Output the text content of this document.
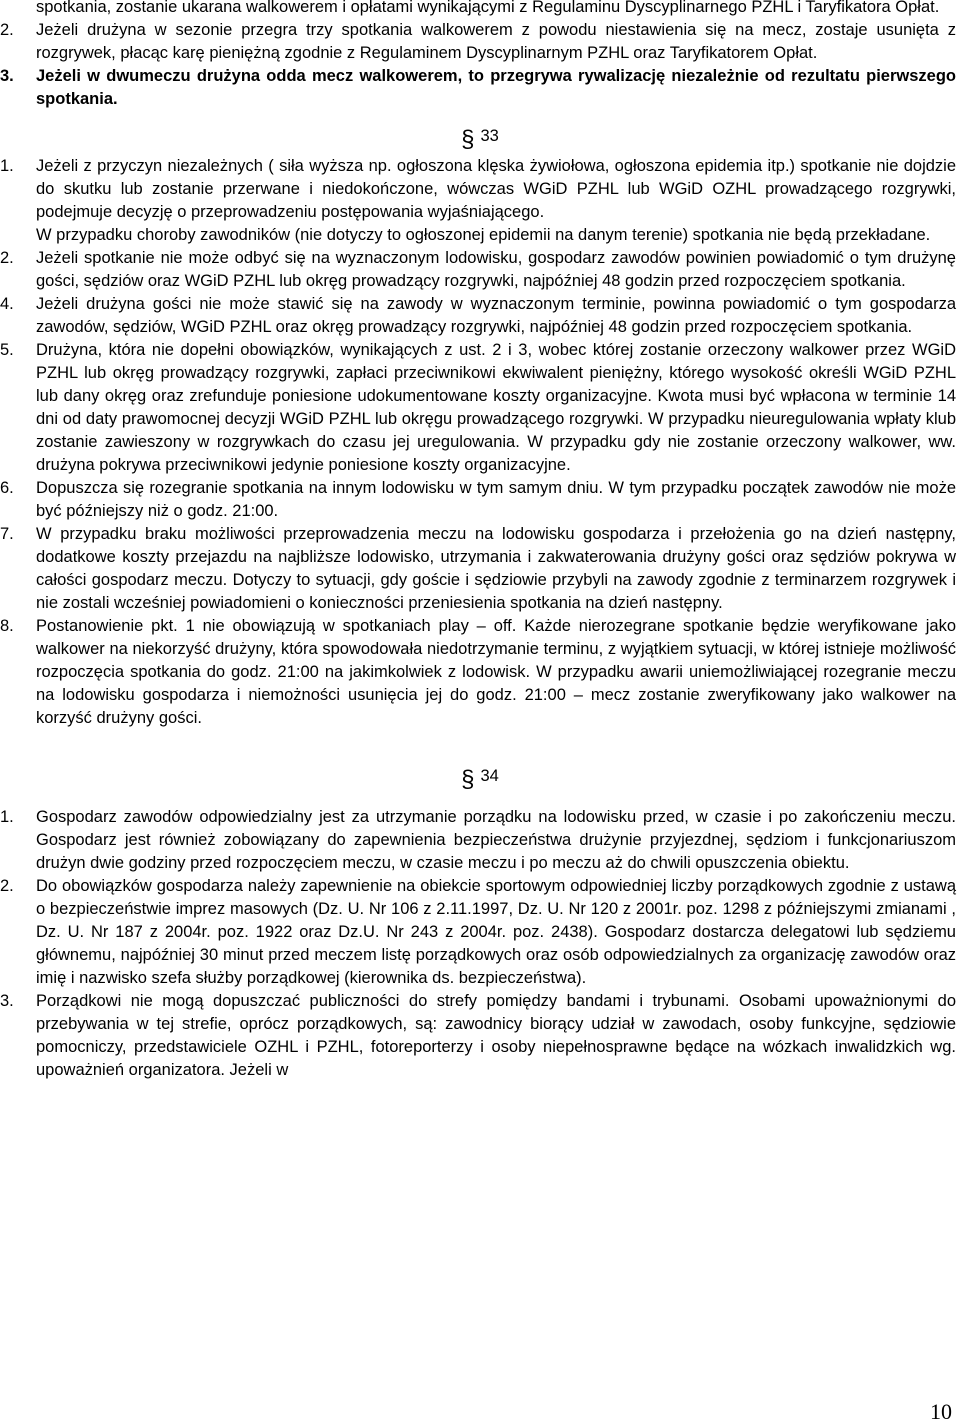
spotkania, zostanie ukarana walkowerem i opłatami wynikającymi z Regulaminu Dyscyplinarnego PZHL i Taryfikatora Opłat.
2. Jeżeli drużyna w sezonie przegra trzy spotkania walkowerem z powodu niestawienia się na mecz, zostaje usunięta z rozgrywek, płacąc karę pieniężną zgodnie z Regulaminem Dyscyplinarnym PZHL oraz Taryfikatorem Opłat.
3. Jeżeli w dwumeczu drużyna odda mecz walkowerem, to przegrywa rywalizację niezależnie od rezultatu pierwszego spotkania.
§ 33
1. Jeżeli z przyczyn niezależnych ( siła wyższa np. ogłoszona klęska żywiołowa, ogłoszona epidemia itp.) spotkanie nie dojdzie do skutku lub zostanie przerwane i niedokończone, wówczas WGiD PZHL lub WGiD OZHL prowadzącego rozgrywki, podejmuje decyzję o przeprowadzeniu postępowania wyjaśniającego.
W przypadku choroby zawodników (nie dotyczy to ogłoszonej epidemii na danym terenie) spotkania nie będą przekładane.
2. Jeżeli spotkanie nie może odbyć się na wyznaczonym lodowisku, gospodarz zawodów powinien powiadomić o tym drużynę gości, sędziów oraz WGiD PZHL lub okręg prowadzący rozgrywki, najpóźniej 48 godzin przed rozpoczęciem spotkania.
4. Jeżeli drużyna gości nie może stawić się na zawody w wyznaczonym terminie, powinna powiadomić o tym gospodarza zawodów, sędziów, WGiD PZHL oraz okręg prowadzący rozgrywki, najpóźniej 48 godzin przed rozpoczęciem spotkania.
5. Drużyna, która nie dopełni obowiązków, wynikających z ust. 2 i 3, wobec której zostanie orzeczony walkower przez WGiD PZHL lub okręg prowadzący rozgrywki, zapłaci przeciwnikowi ekwiwalent pieniężny, którego wysokość określi WGiD PZHL lub dany okręg oraz zrefunduje poniesione udokumentowane koszty organizacyjne. Kwota musi być wpłacona w terminie 14 dni od daty prawomocnej decyzji WGiD PZHL lub okręgu prowadzącego rozgrywki. W przypadku nieuregulowania wpłaty klub zostanie zawieszony w rozgrywkach do czasu jej uregulowania. W przypadku gdy nie zostanie orzeczony walkower, ww. drużyna pokrywa przeciwnikowi jedynie poniesione koszty organizacyjne.
6. Dopuszcza się rozegranie spotkania na innym lodowisku w tym samym dniu. W tym przypadku początek zawodów nie może być późniejszy niż o godz. 21:00.
7. W przypadku braku możliwości przeprowadzenia meczu na lodowisku gospodarza i przełożenia go na dzień następny, dodatkowe koszty przejazdu na najbliższe lodowisko, utrzymania i zakwaterowania drużyny gości oraz sędziów pokrywa w całości gospodarz meczu. Dotyczy to sytuacji, gdy goście i sędziowie przybyli na zawody zgodnie z terminarzem rozgrywek i nie zostali wcześniej powiadomieni o konieczności przeniesienia spotkania na dzień następny.
8. Postanowienie pkt. 1 nie obowiązują w spotkaniach play – off. Każde nierozegrane spotkanie będzie weryfikowane jako walkower na niekorzyść drużyny, która spowodowała niedotrzymanie terminu, z wyjątkiem sytuacji, w której istnieje możliwość rozpoczęcia spotkania do godz. 21:00 na jakimkolwiek z lodowisk. W przypadku awarii uniemożliwiającej rozegranie meczu na lodowisku gospodarza i niemożności usunięcia jej do godz. 21:00 – mecz zostanie zweryfikowany jako walkower na korzyść drużyny gości.
§ 34
1. Gospodarz zawodów odpowiedzialny jest za utrzymanie porządku na lodowisku przed, w czasie i po zakończeniu meczu. Gospodarz jest również zobowiązany do zapewnienia bezpieczeństwa drużynie przyjezdnej, sędziom i funkcjonariuszom drużyn dwie godziny przed rozpoczęciem meczu, w czasie meczu i po meczu aż do chwili opuszczenia obiektu.
2. Do obowiązków gospodarza należy zapewnienie na obiekcie sportowym odpowiedniej liczby porządkowych zgodnie z ustawą o bezpieczeństwie imprez masowych (Dz. U. Nr 106 z 2.11.1997, Dz. U. Nr 120 z 2001r. poz. 1298 z późniejszymi zmianami , Dz. U. Nr 187 z 2004r. poz. 1922 oraz Dz.U. Nr 243 z 2004r. poz. 2438). Gospodarz dostarcza delegatowi lub sędziemu głównemu, najpóźniej 30 minut przed meczem listę porządkowych oraz osób odpowiedzialnych za organizację zawodów oraz imię i nazwisko szefa służby porządkowej (kierownika ds. bezpieczeństwa).
3. Porządkowi nie mogą dopuszczać publiczności do strefy pomiędzy bandami i trybunami. Osobami upoważnionymi do przebywania w tej strefie, oprócz porządkowych, są: zawodnicy biorący udział w zawodach, osoby funkcyjne, sędziowie pomocniczy, przedstawiciele OZHL i PZHL, fotoreporterzy i osoby niepełnosprawne będące na wózkach inwalidzkich wg. upoważnień organizatora. Jeżeli w
10
